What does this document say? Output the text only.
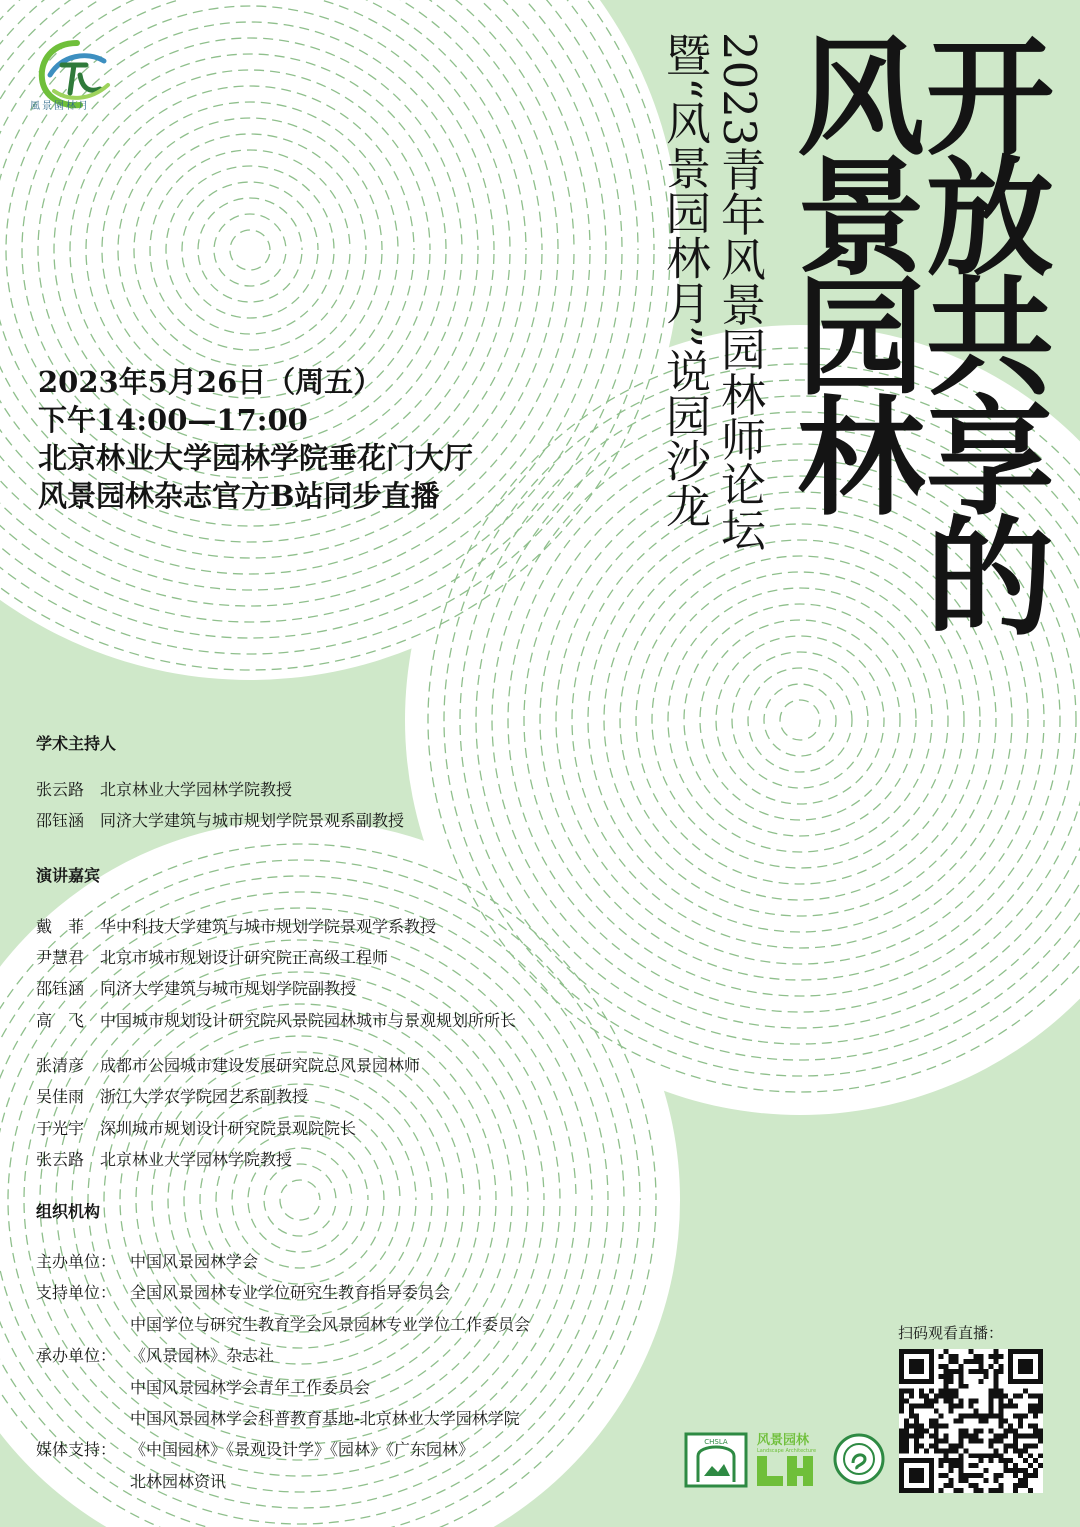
風景園林月	开放共享的
风景园林
2023青年风景园林师论坛
暨“风景园林月”说园沙龙
2023年5月26日（周五）
下午14:00—17:00
北京林业大学园林学院垂花门大厅
风景园林杂志官方B站同步直播
学术主持人
张云路 北京林业大学园林学院教授
邵钰涵 同济大学建筑与城市规划学院景观系副教授
演讲嘉宾
戴　菲 华中科技大学建筑与城市规划学院景观学系教授
尹慧君 北京市城市规划设计研究院正高级工程师
邵钰涵 同济大学建筑与城市规划学院副教授
高　飞 中国城市规划设计研究院风景院园林城市与景观规划所所长
张清彦 成都市公园城市建设发展研究院总风景园林师
吴佳雨 浙江大学农学院园艺系副教授
于光宇 深圳城市规划设计研究院景观院院长
张云路 北京林业大学园林学院教授
组织机构
主办单位： 中国风景园林学会
支持单位： 全国风景园林专业学位研究生教育指导委员会
中国学位与研究生教育学会风景园林专业学位工作委员会
承办单位： 《风景园林》杂志社
中国风景园林学会青年工作委员会
中国风景园林学会科普教育基地-北京林业大学园林学院
媒体支持： 《中国园林》《景观设计学》《园林》《广东园林》
北林园林资讯
CHSLA 风景园林
Landscape Architecture
扫码观看直播：
